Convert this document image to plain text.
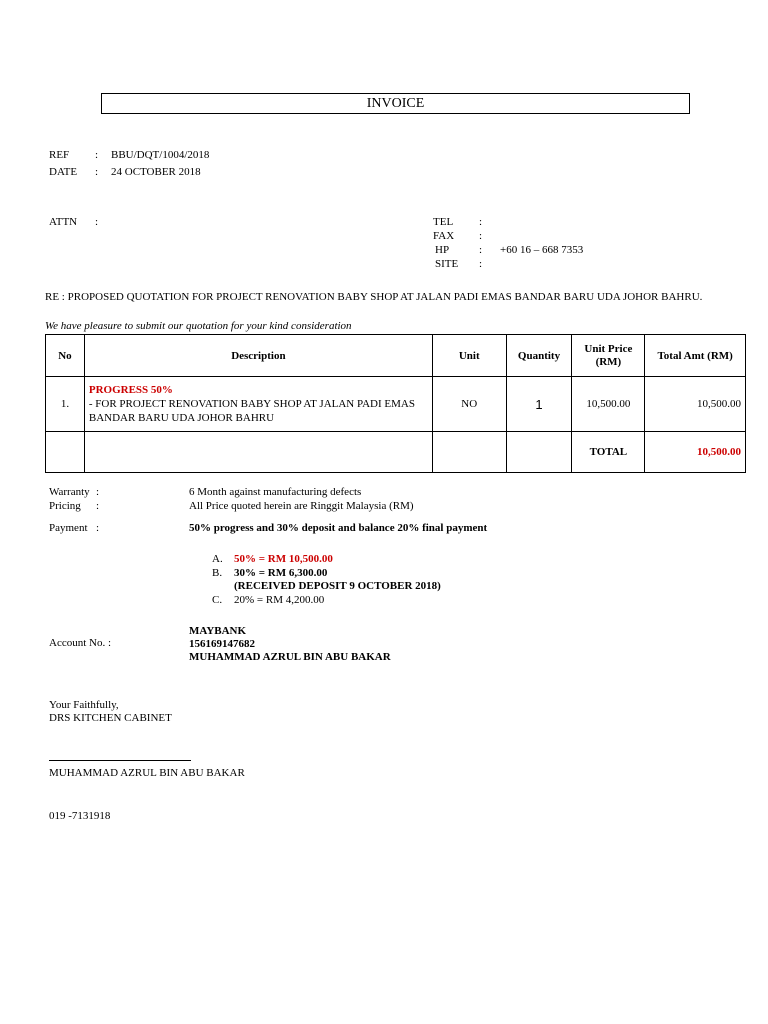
INVOICE
REF : BBU/DQT/1004/2018
DATE : 24 OCTOBER 2018
ATTN :	TEL :
FAX :
HP	: +60 16 – 668 7353
SITE :
RE : PROPOSED QUOTATION FOR PROJECT RENOVATION BABY SHOP AT JALAN PADI EMAS BANDAR BARU UDA JOHOR BAHRU.
We have pleasure to submit our quotation for your kind consideration
No	Description	Unit	Quantity	Unit Price (RM)	Total Amt (RM)
1.	PROGRESS 50%
- FOR PROJECT RENOVATION BABY SHOP AT JALAN PADI EMAS BANDAR BARU UDA JOHOR BAHRU	NO	1	10,500.00	10,500.00
				TOTAL	10,500.00
Warranty :	6 Month against manufacturing defects
Pricing :	All Price quoted herein are Ringgit Malaysia (RM)
Payment :	50% progress and 30% deposit and balance 20% final payment
A. 50% = RM 10,500.00
B. 30% = RM 6,300.00
(RECEIVED DEPOSIT 9 OCTOBER 2018)
C. 20% = RM 4,200.00
MAYBANK
Account No. :	156169147682
MUHAMMAD AZRUL BIN ABU BAKAR
Your Faithfully,
DRS KITCHEN CABINET
MUHAMMAD AZRUL BIN ABU BAKAR
019 -7131918
